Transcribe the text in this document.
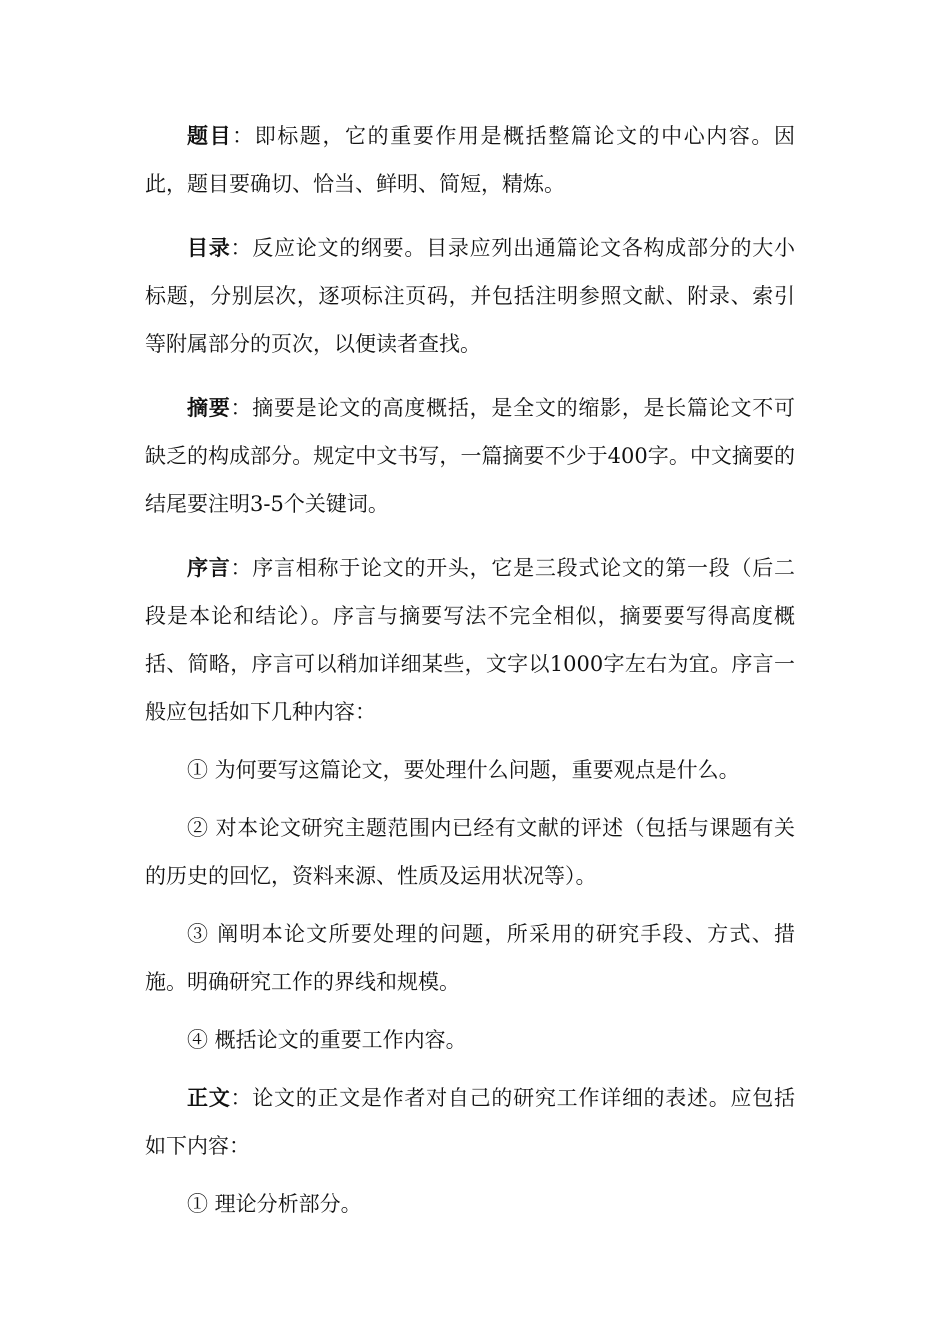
题目：即标题，它的重要作用是概括整篇论文的中心内容。因此，题目要确切、恰当、鲜明、简短，精炼。

目录：反应论文的纲要。目录应列出通篇论文各构成部分的大小标题，分别层次，逐项标注页码，并包括注明参照文献、附录、索引等附属部分的页次，以便读者查找。

摘要：摘要是论文的高度概括，是全文的缩影，是长篇论文不可缺乏的构成部分。规定中文书写，一篇摘要不少于400字。中文摘要的结尾要注明3-5个关键词。

序言：序言相称于论文的开头，它是三段式论文的第一段（后二段是本论和结论）。序言与摘要写法不完全相似，摘要要写得高度概括、简略，序言可以稍加详细某些，文字以1000字左右为宜。序言一般应包括如下几种内容：

① 为何要写这篇论文，要处理什么问题，重要观点是什么。

② 对本论文研究主题范围内已经有文献的评述（包括与课题有关的历史的回忆，资料来源、性质及运用状况等）。

③ 阐明本论文所要处理的问题，所采用的研究手段、方式、措施。明确研究工作的界线和规模。

④ 概括论文的重要工作内容。

正文：论文的正文是作者对自己的研究工作详细的表述。应包括如下内容：

① 理论分析部分。
